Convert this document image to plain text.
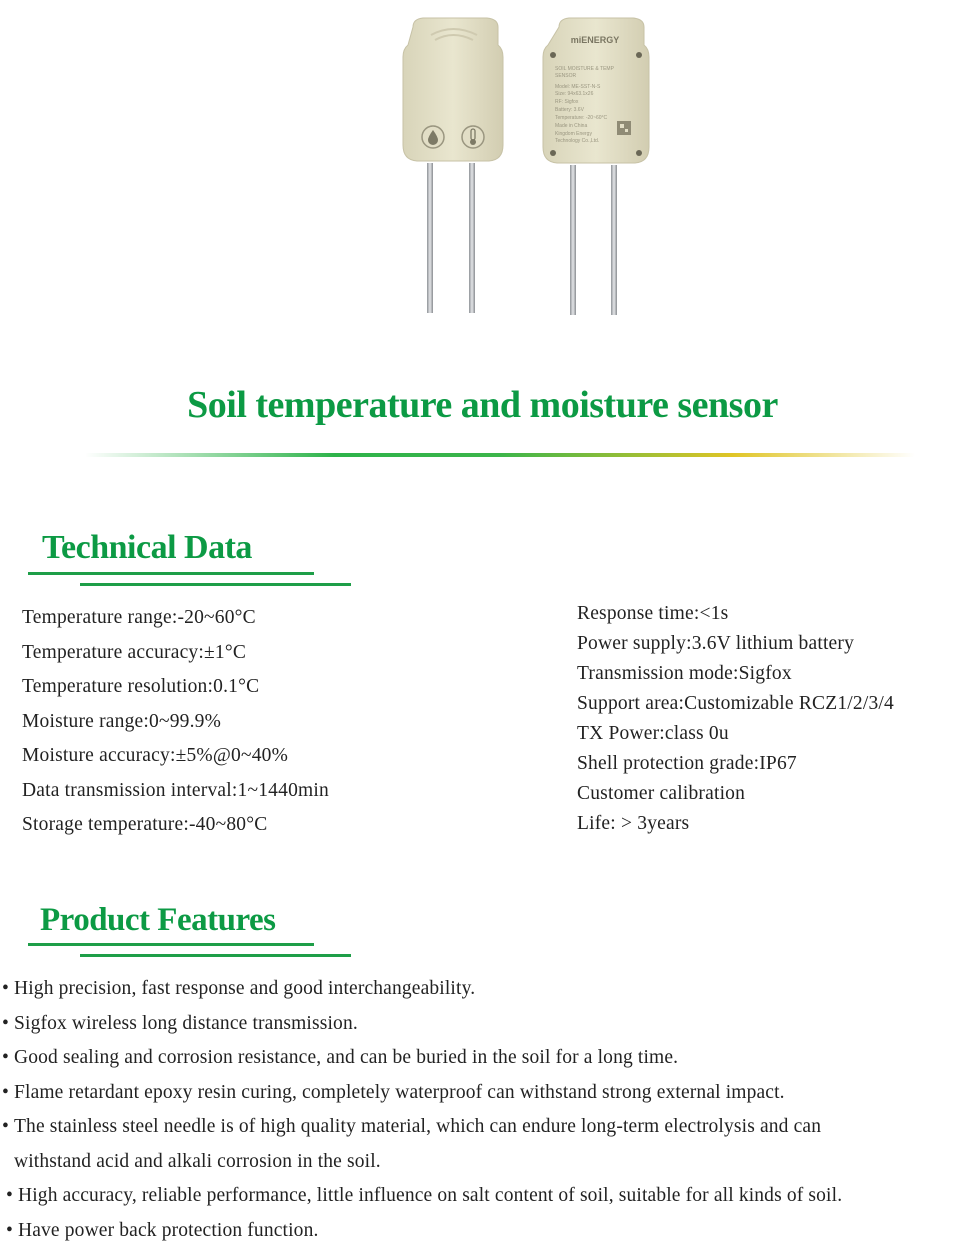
miENERGY
SOIL MOISTURE & TEMP
SENSOR
Model: ME-SST-N-S
Size: 94x63.1x26
RF: Sigfox
Battery: 3.6V
Temperature: -20~60°C
Made in China
Kingdom Energy
Technology Co.,Ltd.
Soil temperature and moisture sensor
Technical Data
Temperature range:-20~60°C
Temperature accuracy:±1°C
Temperature resolution:0.1°C
Moisture range:0~99.9%
Moisture accuracy:±5%@0~40%
Data transmission interval:1~1440min
Storage temperature:-40~80°C
Response time:<1s
Power supply:3.6V lithium battery
Transmission mode:Sigfox
Support area:Customizable RCZ1/2/3/4
TX Power:class 0u
Shell protection grade:IP67
Customer calibration
Life: > 3years
Product Features
• High precision, fast response and good interchangeability.
• Sigfox wireless long distance transmission.
• Good sealing and corrosion resistance, and can be buried in the soil for a long time.
• Flame retardant epoxy resin curing, completely waterproof can withstand strong external impact.
• The stainless steel needle is of high quality material, which can endure long-term electrolysis and can
withstand acid and alkali corrosion in the soil.
• High accuracy, reliable performance, little influence on salt content of soil, suitable for all kinds of soil.
• Have power back protection function.
